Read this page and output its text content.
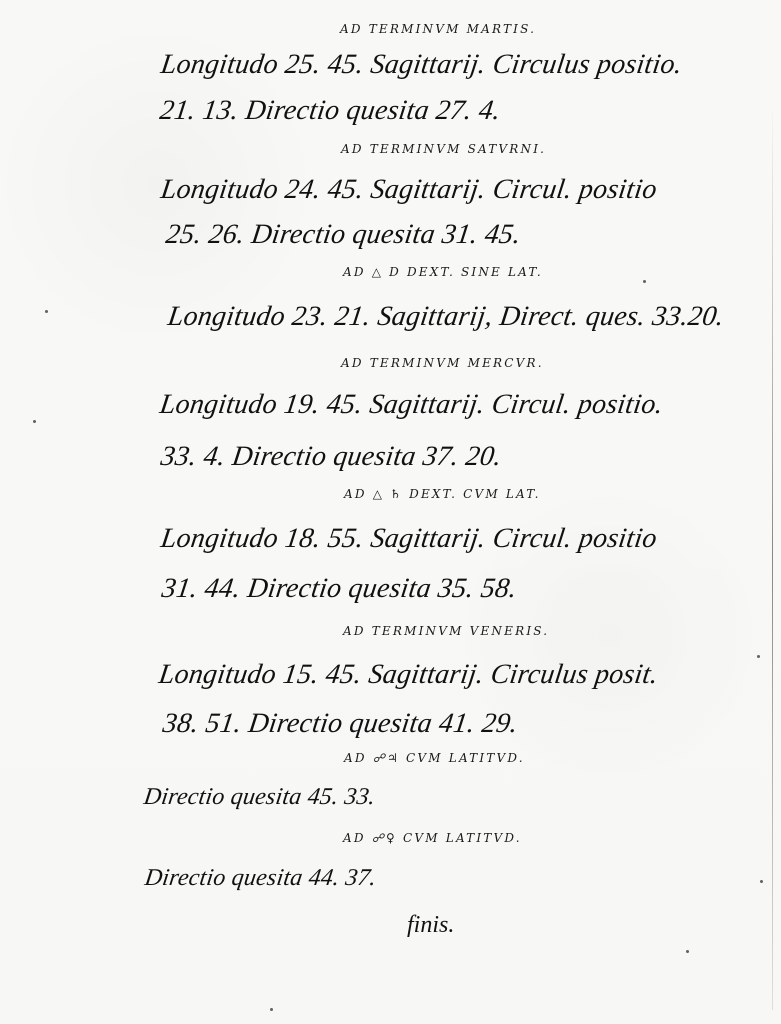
AD TERMINVM MARTIS.
Longitudo 25. 45. Sagittarij. Circulus positio.
21. 13. Directio quesita 27. 4.
AD TERMINVM SATVRNI.
Longitudo 24. 45. Sagittarij. Circul. positio
25. 26. Directio quesita 31. 45.
AD △ D DEXT. SINE LAT.
Longitudo 23. 21. Sagittarij, Direct. ques. 33.20.
AD TERMINVM MERCVR.
Longitudo 19. 45. Sagittarij. Circul. positio.
33. 4. Directio quesita 37. 20.
AD △ ♄ DEXT. CVM LAT.
Longitudo 18. 55. Sagittarij. Circul. positio
31. 44. Directio quesita 35. 58.
AD TERMINVM VENERIS.
Longitudo 15. 45. Sagittarij. Circulus posit.
38. 51. Directio quesita 41. 29.
AD ☍♃ CVM LATITVD.
Directio quesita 45. 33.
AD ☍♀ CVM LATITVD.
Directio quesita 44. 37.
finis.
